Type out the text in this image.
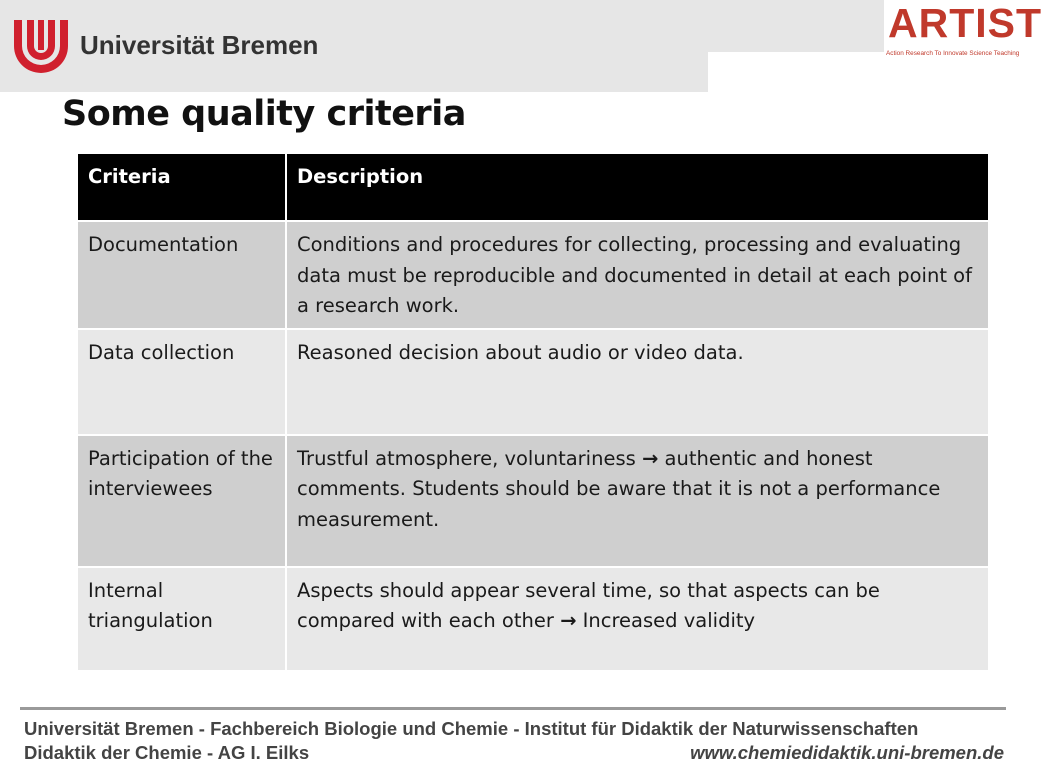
Universität Bremen	ARTIST
Action Research To Innovate Science Teaching
Some quality criteria
Criteria	Description
Documentation	Conditions and procedures for collecting, processing and evaluating data must be reproducible and documented in detail at each point of a research work.
Data collection	Reasoned decision about audio or video data.
Participation of the interviewees	Trustful atmosphere, voluntariness → authentic and honest comments. Students should be aware that it is not a performance measurement.
Internal triangulation	Aspects should appear several time, so that aspects can be compared with each other → Increased validity
Universität Bremen - Fachbereich Biologie und Chemie - Institut für Didaktik der Naturwissenschaften
Didaktik der Chemie - AG I. Eilks	www.chemiedidaktik.uni-bremen.de
